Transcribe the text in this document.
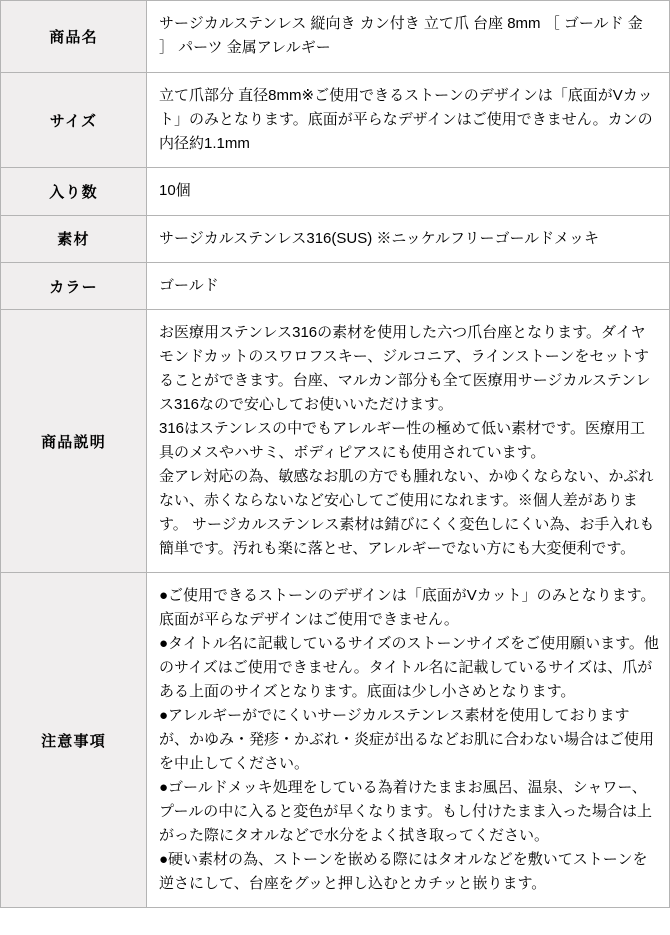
商品名	サージカルステンレス 縦向き カン付き 立て爪 台座 8mm ［ ゴールド 金 ］ パーツ 金属アレルギー

サイズ	立て爪部分 直径8mm※ご使用できるストーンのデザインは「底面がVカット」のみとなります。底面が平らなデザインはご使用できません。カンの内径約1.1mm

入り数	10個

素材	サージカルステンレス316(SUS) ※ニッケルフリーゴールドメッキ

カラー	ゴールド

商品説明	お医療用ステンレス316の素材を使用した六つ爪台座となります。ダイヤモンドカットのスワロフスキー、ジルコニア、ラインストーンをセットすることができます。台座、マルカン部分も全て医療用サージカルステンレス316なので安心してお使いいただけます。

316はステンレスの中でもアレルギー性の極めて低い素材です。医療用工具のメスやハサミ、ボディピアスにも使用されています。

金アレ対応の為、敏感なお肌の方でも腫れない、かゆくならない、かぶれない、赤くならないなど安心してご使用になれます。※個人差があります。 サージカルステンレス素材は錆びにくく変色しにくい為、お手入れも簡単です。汚れも楽に落とせ、アレルギーでない方にも大変便利です。

注意事項	●ご使用できるストーンのデザインは「底面がVカット」のみとなります。底面が平らなデザインはご使用できません。

●タイトル名に記載しているサイズのストーンサイズをご使用願います。他のサイズはご使用できません。タイトル名に記載しているサイズは、爪がある上面のサイズとなります。底面は少し小さめとなります。

●アレルギーがでにくいサージカルステンレス素材を使用しておりますが、かゆみ・発疹・かぶれ・炎症が出るなどお肌に合わない場合はご使用を中止してください。

●ゴールドメッキ処理をしている為着けたままお風呂、温泉、シャワー、プールの中に入ると変色が早くなります。もし付けたまま入った場合は上がった際にタオルなどで水分をよく拭き取ってください。

●硬い素材の為、ストーンを嵌める際にはタオルなどを敷いてストーンを逆さにして、台座をグッと押し込むとカチッと嵌ります。
